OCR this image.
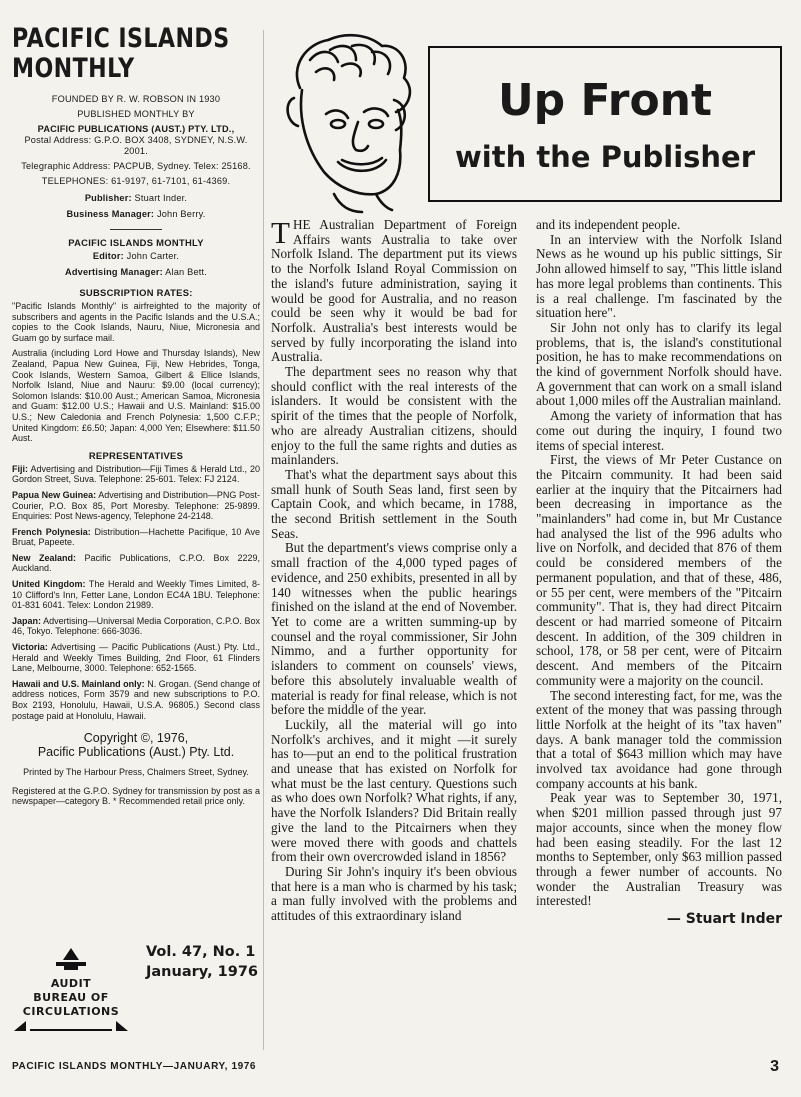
PACIFIC ISLANDS
MONTHLY
FOUNDED BY R. W. ROBSON IN 1930
PUBLISHED MONTHLY BY
PACIFIC PUBLICATIONS (AUST.) PTY. LTD.,
Postal Address: G.P.O. BOX 3408, SYDNEY, N.S.W. 2001.
Telegraphic Address: PACPUB, Sydney. Telex: 25168.
TELEPHONES: 61-9197, 61-7101, 61-4369.
Publisher: Stuart Inder.
Business Manager: John Berry.
PACIFIC ISLANDS MONTHLY
Editor: John Carter.
Advertising Manager: Alan Bett.
SUBSCRIPTION RATES:

"Pacific Islands Monthly" is airfreighted to the majority of subscribers and agents in the Pacific Islands and the U.S.A.; copies to the Cook Islands, Nauru, Niue, Micronesia and Guam go by surface mail.

Australia (including Lord Howe and Thursday Islands), New Zealand, Papua New Guinea, Fiji, New Hebrides, Tonga, Cook Islands, Western Samoa, Gilbert & Ellice Islands, Norfolk Island, Niue and Nauru: $9.00 (local currency); Solomon Islands: $10.00 Aust.; American Samoa, Micronesia and Guam: $12.00 U.S.; Hawaii and U.S. Mainland: $15.00 U.S.; New Caledonia and French Polynesia: 1,500 C.F.P.; United Kingdom: £6.50; Japan: 4,000 Yen; Elsewhere: $11.50 Aust.

REPRESENTATIVES

Fiji: Advertising and Distribution—Fiji Times & Herald Ltd., 20 Gordon Street, Suva. Telephone: 25-601. Telex: FJ 2124.

Papua New Guinea: Advertising and Distribution—PNG Post-Courier, P.O. Box 85, Port Moresby. Telephone: 25-9899. Enquiries: Post News-agency, Telephone 24-2148.

French Polynesia: Distribution—Hachette Pacifique, 10 Ave Bruat, Papeete.

New Zealand: Pacific Publications, C.P.O. Box 2229, Auckland.

United Kingdom: The Herald and Weekly Times Limited, 8-10 Clifford's Inn, Fetter Lane, London EC4A 1BU. Telephone: 01-831 6041. Telex: London 21989.

Japan: Advertising—Universal Media Corporation, C.P.O. Box 46, Tokyo. Telephone: 666-3036.

Victoria: Advertising — Pacific Publications (Aust.) Pty. Ltd., Herald and Weekly Times Building, 2nd Floor, 61 Flinders Lane, Melbourne, 3000. Telephone: 652-1565.

Hawaii and U.S. Mainland only: N. Grogan. (Send change of address notices, Form 3579 and new subscriptions to P.O. Box 2193, Honolulu, Hawaii, U.S.A. 96805.) Second class postage paid at Honolulu, Hawaii.

Copyright ©, 1976,
Pacific Publications (Aust.) Pty. Ltd.
Printed by The Harbour Press, Chalmers Street, Sydney.
Registered at the G.P.O. Sydney for transmission by post as a newspaper—category B. * Recommended retail price only.
AUDIT
BUREAU OF
CIRCULATIONS
Vol. 47, No. 1
January, 1976
Up Front
with the Publisher

THE Australian Department of Foreign Affairs wants Australia to take over Norfolk Island. The department put its views to the Norfolk Island Royal Commission on the island's future administration, saying it would be good for Australia, and no reason could be seen why it would be bad for Norfolk. Australia's best interests would be served by fully incorporating the island into Australia.

The department sees no reason why that should conflict with the real interests of the islanders. It would be consistent with the spirit of the times that the people of Norfolk, who are already Australian citizens, should enjoy to the full the same rights and duties as mainlanders.

That's what the department says about this small hunk of South Seas land, first seen by Captain Cook, and which became, in 1788, the second British settlement in the South Seas.

But the department's views comprise only a small fraction of the 4,000 typed pages of evidence, and 250 exhibits, presented in all by 140 witnesses when the public hearings finished on the island at the end of November. Yet to come are a written summing-up by counsel and the royal commissioner, Sir John Nimmo, and a further opportunity for islanders to comment on counsels' views, before this absolutely invaluable wealth of material is ready for final release, which is not before the middle of the year.

Luckily, all the material will go into Norfolk's archives, and it might —it surely has to—put an end to the political frustration and unease that has existed on Norfolk for what must be the last century. Questions such as who does own Norfolk? What rights, if any, have the Norfolk Islanders? Did Britain really give the land to the Pitcairners when they were moved there with goods and chattels from their own overcrowded island in 1856?

During Sir John's inquiry it's been obvious that here is a man who is charmed by his task; a man fully involved with the problems and attitudes of this extraordinary island

and its independent people.

In an interview with the Norfolk Island News as he wound up his public sittings, Sir John allowed himself to say, "This little island has more legal problems than continents. This is a real challenge. I'm fascinated by the situation here".

Sir John not only has to clarify its legal problems, that is, the island's constitutional position, he has to make recommendations on the kind of government Norfolk should have. A government that can work on a small island about 1,000 miles off the Australian mainland.

Among the variety of information that has come out during the inquiry, I found two items of special interest.

First, the views of Mr Peter Custance on the Pitcairn community. It had been said earlier at the inquiry that the Pitcairners had been decreasing in importance as the "mainlanders" had come in, but Mr Custance had analysed the list of the 996 adults who live on Norfolk, and decided that 876 of them could be considered members of the permanent population, and that of these, 486, or 55 per cent, were members of the "Pitcairn community". That is, they had direct Pitcairn descent or had married someone of Pitcairn descent. In addition, of the 309 children in school, 178, or 58 per cent, were of Pitcairn descent. And members of the Pitcairn community were a majority on the council.

The second interesting fact, for me, was the extent of the money that was passing through little Norfolk at the height of its "tax haven" days. A bank manager told the commission that a total of $643 million which may have involved tax avoidance had gone through company accounts at his bank.

Peak year was to September 30, 1971, when $201 million passed through just 97 major accounts, since when the money flow had been easing steadily. For the last 12 months to September, only $63 million passed through a fewer number of accounts. No wonder the Australian Treasury was interested!

— Stuart Inder
PACIFIC ISLANDS MONTHLY—JANUARY, 1976	3
